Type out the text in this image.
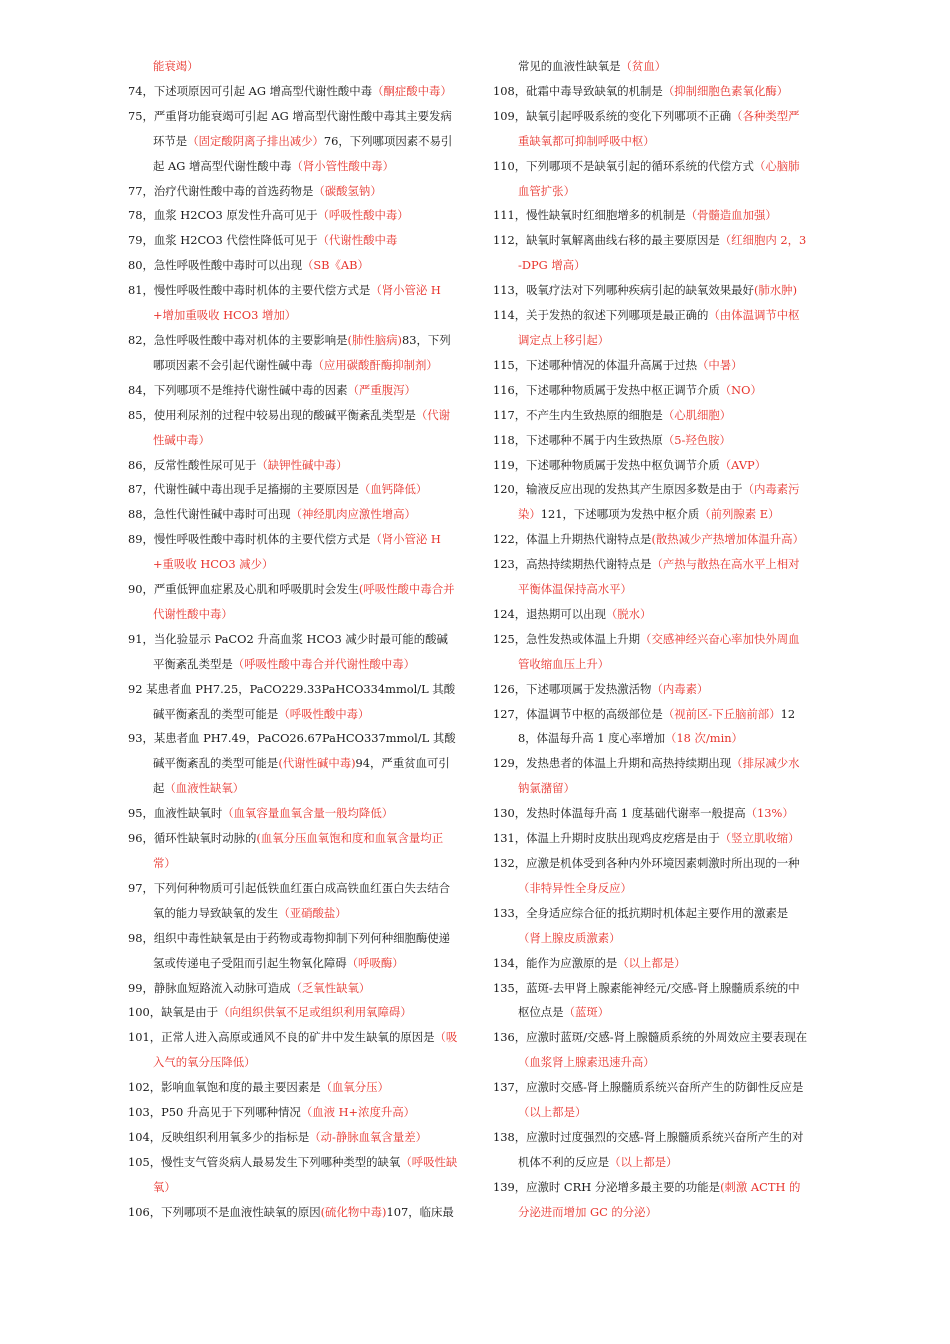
能衰竭）

74，下述项原因可引起 AG 增高型代谢性酸中毒（酮症酸中毒）

75，严重肾功能衰竭可引起 AG 增高型代谢性酸中毒其主要发病环节是（固定酸阴离子排出减少）76，下列哪项因素不易引起 AG 增高型代谢性酸中毒（肾小管性酸中毒）

77，治疗代谢性酸中毒的首选药物是（碳酸氢钠）

78，血浆 H2CO3 原发性升高可见于（呼吸性酸中毒）

79，血浆 H2CO3 代偿性降低可见于（代谢性酸中毒

80，急性呼吸性酸中毒时可以出现（SB《AB）

81，慢性呼吸性酸中毒时机体的主要代偿方式是（肾小管泌 H+增加重吸收 HCO3 增加）

82，急性呼吸性酸中毒对机体的主要影响是(肺性脑病)83，下列哪项因素不会引起代谢性碱中毒（应用碳酸酐酶抑制剂）

84，下列哪项不是维持代谢性碱中毒的因素（严重腹泻）

85，使用利尿剂的过程中较易出现的酸碱平衡紊乱类型是（代谢性碱中毒）

86，反常性酸性尿可见于（缺钾性碱中毒）

87，代谢性碱中毒出现手足搐搦的主要原因是（血钙降低）

88，急性代谢性碱中毒时可出现（神经肌肉应激性增高）

89，慢性呼吸性酸中毒时机体的主要代偿方式是（肾小管泌 H+重吸收 HCO3 减少）

90，严重低钾血症累及心肌和呼吸肌时会发生(呼吸性酸中毒合并代谢性酸中毒）

91，当化验显示 PaCO2 升高血浆 HCO3 减少时最可能的酸碱平衡紊乱类型是（呼吸性酸中毒合并代谢性酸中毒）

92 某患者血 PH7.25，PaCO229.33PaHCO334mmol/L 其酸碱平衡紊乱的类型可能是（呼吸性酸中毒）

93，某患者血 PH7.49，PaCO26.67PaHCO337mmol/L 其酸碱平衡紊乱的类型可能是(代谢性碱中毒)94，严重贫血可引起（血液性缺氧）

95，血液性缺氧时（血氧容量血氧含量一般均降低）

96，循环性缺氧时动脉的(血氧分压血氧饱和度和血氧含量均正常）

97，下列何种物质可引起低铁血红蛋白成高铁血红蛋白失去结合氧的能力导致缺氧的发生（亚硝酸盐）

98，组织中毒性缺氧是由于药物或毒物抑制下列何种细胞酶使递氢或传递电子受阻而引起生物氧化障碍（呼吸酶）

99，静脉血短路流入动脉可造成（乏氧性缺氧）

100，缺氧是由于（向组织供氧不足或组织利用氧障碍）

101，正常人进入高原或通风不良的矿井中发生缺氧的原因是（吸入气的氧分压降低）

102，影响血氧饱和度的最主要因素是（血氧分压）

103，P50 升高见于下列哪种情况（血液 H+浓度升高）

104，反映组织利用氧多少的指标是（动-静脉血氧含量差）

105，慢性支气管炎病人最易发生下列哪种类型的缺氧（呼吸性缺氧）

106，下列哪项不是血液性缺氧的原因(硫化物中毒)107，临床最

常见的血液性缺氧是（贫血）

108，砒霜中毒导致缺氧的机制是（抑制细胞色素氧化酶）

109，缺氧引起呼吸系统的变化下列哪项不正确（各种类型严重缺氧都可抑制呼吸中枢）

110，下列哪项不是缺氧引起的循环系统的代偿方式（心脑肺血管扩张）

111，慢性缺氧时红细胞增多的机制是（骨髓造血加强）

112，缺氧时氧解离曲线右移的最主要原因是（红细胞内 2，3-DPG 增高）

113，吸氧疗法对下列哪种疾病引起的缺氧效果最好(肺水肿)

114，关于发热的叙述下列哪项是最正确的（由体温调节中枢调定点上移引起）

115，下述哪种情况的体温升高属于过热（中暑）

116，下述哪种物质属于发热中枢正调节介质（NO）

117，不产生内生致热原的细胞是（心肌细胞）

118，下述哪种不属于内生致热原（5-羟色胺）

119，下述哪种物质属于发热中枢负调节介质（AVP）

120，输液反应出现的发热其产生原因多数是由于（内毒素污染）121，下述哪项为发热中枢介质（前列腺素 E）

122，体温上升期热代谢特点是(散热减少产热增加体温升高）

123，高热持续期热代谢特点是（产热与散热在高水平上相对平衡体温保持高水平）

124，退热期可以出现（脱水）

125，急性发热或体温上升期（交感神经兴奋心率加快外周血管收缩血压上升）

126，下述哪项属于发热激活物（内毒素）

127，体温调节中枢的高级部位是（视前区-下丘脑前部）128，体温每升高 1 度心率增加（18 次/min）

129，发热患者的体温上升期和高热持续期出现（排尿减少水钠氯潴留）

130，发热时体温每升高 1 度基础代谢率一般提高（13%）

131，体温上升期时皮肤出现鸡皮疙瘩是由于（竖立肌收缩）

132，应激是机体受到各种内外环境因素刺激时所出现的一种（非特异性全身反应）

133，全身适应综合征的抵抗期时机体起主要作用的激素是（肾上腺皮质激素）

134，能作为应激原的是（以上都是）

135，蓝斑-去甲肾上腺素能神经元/交感-肾上腺髓质系统的中枢位点是（蓝斑）

136，应激时蓝斑/交感-肾上腺髓质系统的外周效应主要表现在（血浆肾上腺素迅速升高）

137，应激时交感-肾上腺髓质系统兴奋所产生的防御性反应是（以上都是）

138，应激时过度强烈的交感-肾上腺髓质系统兴奋所产生的对机体不利的反应是（以上都是）

139，应激时 CRH 分泌增多最主要的功能是(刺激 ACTH 的分泌进而增加 GC 的分泌）
